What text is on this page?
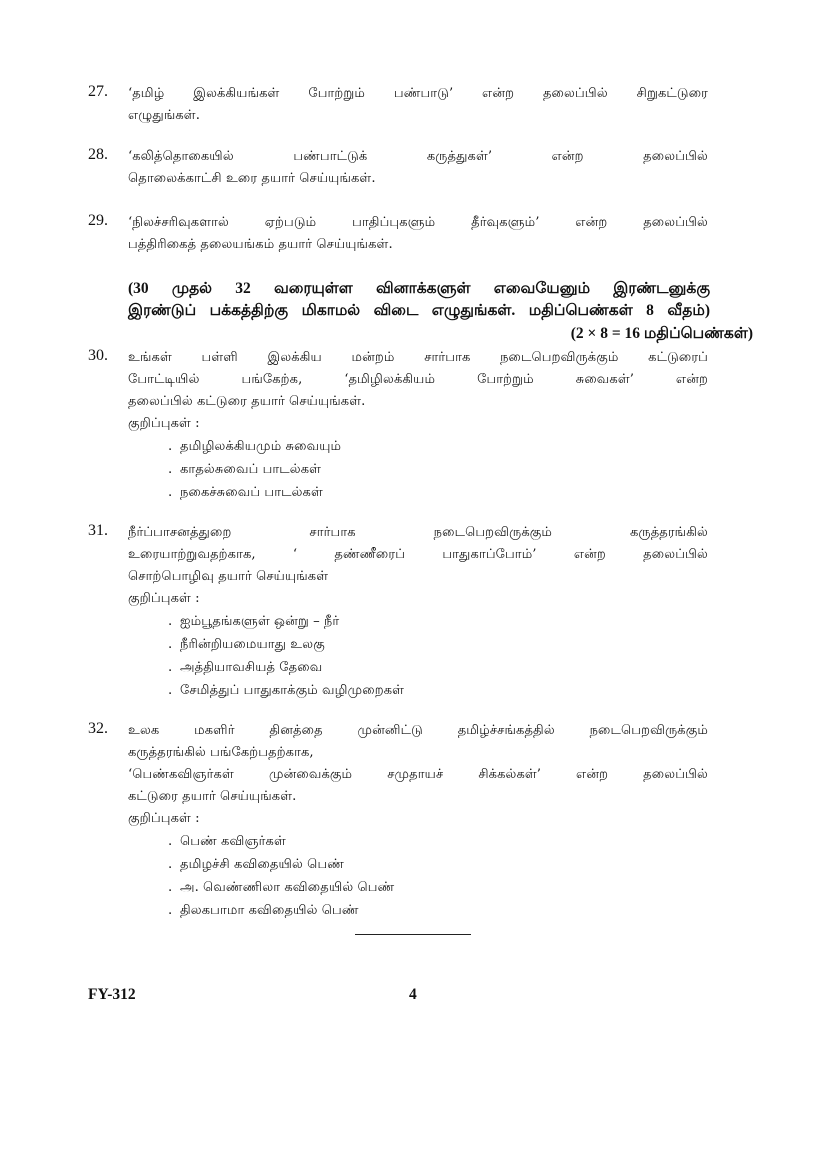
27. ‘தமிழ் இலக்கியங்கள் போற்றும் பண்பாடு’ என்ற தலைப்பில் சிறுகட்டுரை
எழுதுங்கள்.
28. ‘கலித்தொகையில் பண்பாட்டுக் கருத்துகள்’ என்ற தலைப்பில்
தொலைக்காட்சி உரை தயார் செய்யுங்கள்.
29. ‘நிலச்சரிவுகளால் ஏற்படும் பாதிப்புகளும் தீர்வுகளும்’ என்ற தலைப்பில்
பத்திரிகைத் தலையங்கம் தயார் செய்யுங்கள்.
(30 முதல் 32 வரையுள்ள வினாக்களுள் எவையேனும் இரண்டனுக்கு
இரண்டுப் பக்கத்திற்கு மிகாமல் விடை எழுதுங்கள். மதிப்பெண்கள் 8 வீதம்)
(2 × 8 = 16 மதிப்பெண்கள்)
30. உங்கள் பள்ளி இலக்கிய மன்றம் சார்பாக நடைபெறவிருக்கும் கட்டுரைப்
போட்டியில் பங்கேற்க, ‘தமிழிலக்கியம் போற்றும் சுவைகள்’ என்ற
தலைப்பில் கட்டுரை தயார் செய்யுங்கள்.
குறிப்புகள் :
. தமிழிலக்கியமும் சுவையும்
. காதல்சுவைப் பாடல்கள்
. நகைச்சுவைப் பாடல்கள்
31. நீர்ப்பாசனத்துறை சார்பாக நடைபெறவிருக்கும் கருத்தரங்கில்
உரையாற்றுவதற்காக, ‘ தண்ணீரைப் பாதுகாப்போம்’ என்ற தலைப்பில்
சொற்பொழிவு தயார் செய்யுங்கள்
குறிப்புகள் :
. ஐம்பூதங்களுள் ஒன்று – நீர்
. நீரின்றியமையாது உலகு
. அத்தியாவசியத் தேவை
. சேமித்துப் பாதுகாக்கும் வழிமுறைகள்
32. உலக மகளிர் தினத்தை முன்னிட்டு தமிழ்ச்சங்கத்தில் நடைபெறவிருக்கும்
கருத்தரங்கில் பங்கேற்பதற்காக,
‘பெண்கவிஞர்கள் முன்வைக்கும் சமுதாயச் சிக்கல்கள்’ என்ற தலைப்பில்
கட்டுரை தயார் செய்யுங்கள்.
குறிப்புகள் :
. பெண் கவிஞர்கள்
. தமிழச்சி கவிதையில் பெண்
. அ. வெண்ணிலா கவிதையில் பெண்
. திலகபாமா கவிதையில் பெண்
FY-312	4
